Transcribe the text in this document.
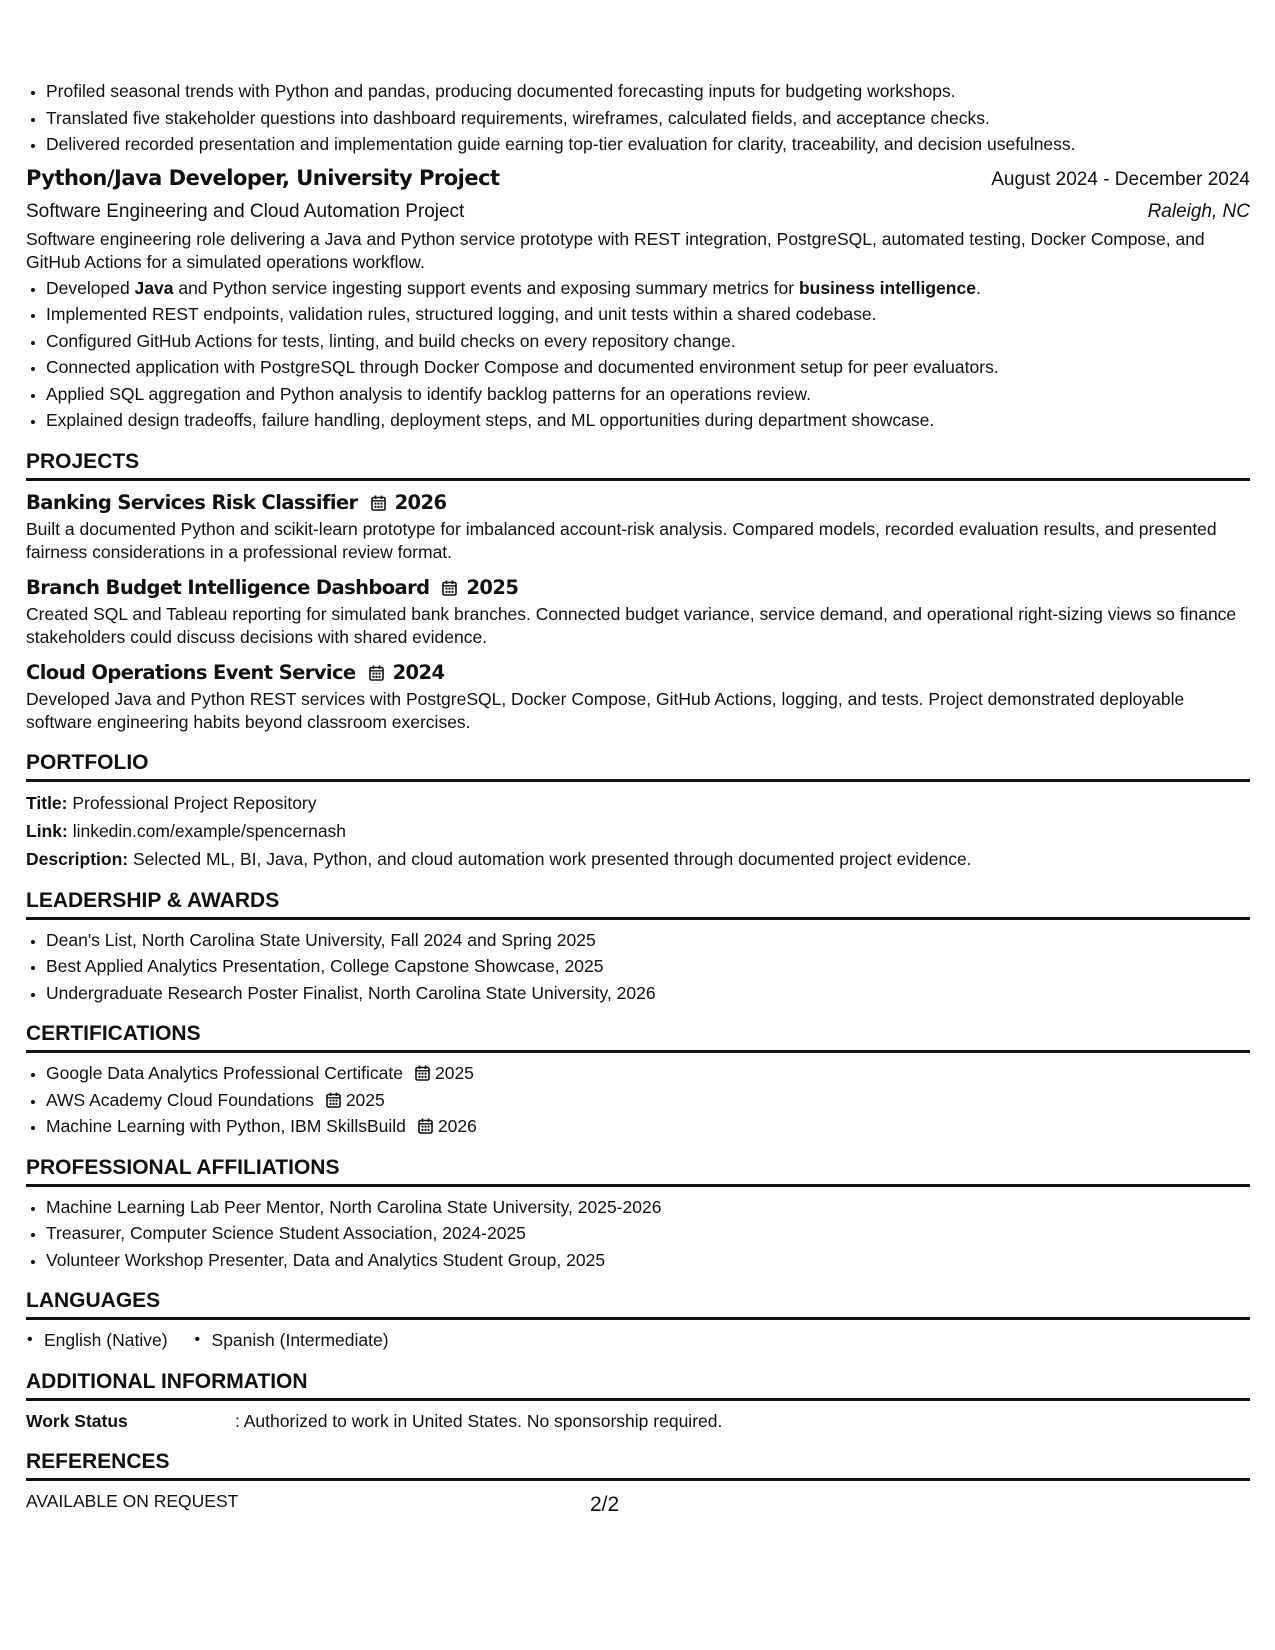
• Profiled seasonal trends with Python and pandas, producing documented forecasting inputs for budgeting workshops.
• Translated five stakeholder questions into dashboard requirements, wireframes, calculated fields, and acceptance checks.
• Delivered recorded presentation and implementation guide earning top-tier evaluation for clarity, traceability, and decision usefulness.
Python/Java Developer, University Project	August 2024 - December 2024
Software Engineering and Cloud Automation Project	Raleigh, NC
Software engineering role delivering a Java and Python service prototype with REST integration, PostgreSQL, automated testing, Docker Compose, and GitHub Actions for a simulated operations workflow.
• Developed Java and Python service ingesting support events and exposing summary metrics for business intelligence.
• Implemented REST endpoints, validation rules, structured logging, and unit tests within a shared codebase.
• Configured GitHub Actions for tests, linting, and build checks on every repository change.
• Connected application with PostgreSQL through Docker Compose and documented environment setup for peer evaluators.
• Applied SQL aggregation and Python analysis to identify backlog patterns for an operations review.
• Explained design tradeoffs, failure handling, deployment steps, and ML opportunities during department showcase.
PROJECTS
Banking Services Risk Classifier 2026
Built a documented Python and scikit-learn prototype for imbalanced account-risk analysis. Compared models, recorded evaluation results, and presented fairness considerations in a professional review format.
Branch Budget Intelligence Dashboard 2025
Created SQL and Tableau reporting for simulated bank branches. Connected budget variance, service demand, and operational right-sizing views so finance stakeholders could discuss decisions with shared evidence.
Cloud Operations Event Service 2024
Developed Java and Python REST services with PostgreSQL, Docker Compose, GitHub Actions, logging, and tests. Project demonstrated deployable software engineering habits beyond classroom exercises.
PORTFOLIO
Title: Professional Project Repository
Link: linkedin.com/example/spencernash
Description: Selected ML, BI, Java, Python, and cloud automation work presented through documented project evidence.
LEADERSHIP & AWARDS
• Dean's List, North Carolina State University, Fall 2024 and Spring 2025
• Best Applied Analytics Presentation, College Capstone Showcase, 2025
• Undergraduate Research Poster Finalist, North Carolina State University, 2026
CERTIFICATIONS
• Google Data Analytics Professional Certificate 2025
• AWS Academy Cloud Foundations 2025
• Machine Learning with Python, IBM SkillsBuild 2026
PROFESSIONAL AFFILIATIONS
• Machine Learning Lab Peer Mentor, North Carolina State University, 2025-2026
• Treasurer, Computer Science Student Association, 2024-2025
• Volunteer Workshop Presenter, Data and Analytics Student Group, 2025
LANGUAGES
• English (Native)
•	Spanish (Intermediate)
ADDITIONAL INFORMATION
Work Status	: Authorized to work in United States. No sponsorship required.
REFERENCES
AVAILABLE ON REQUEST	2/2
